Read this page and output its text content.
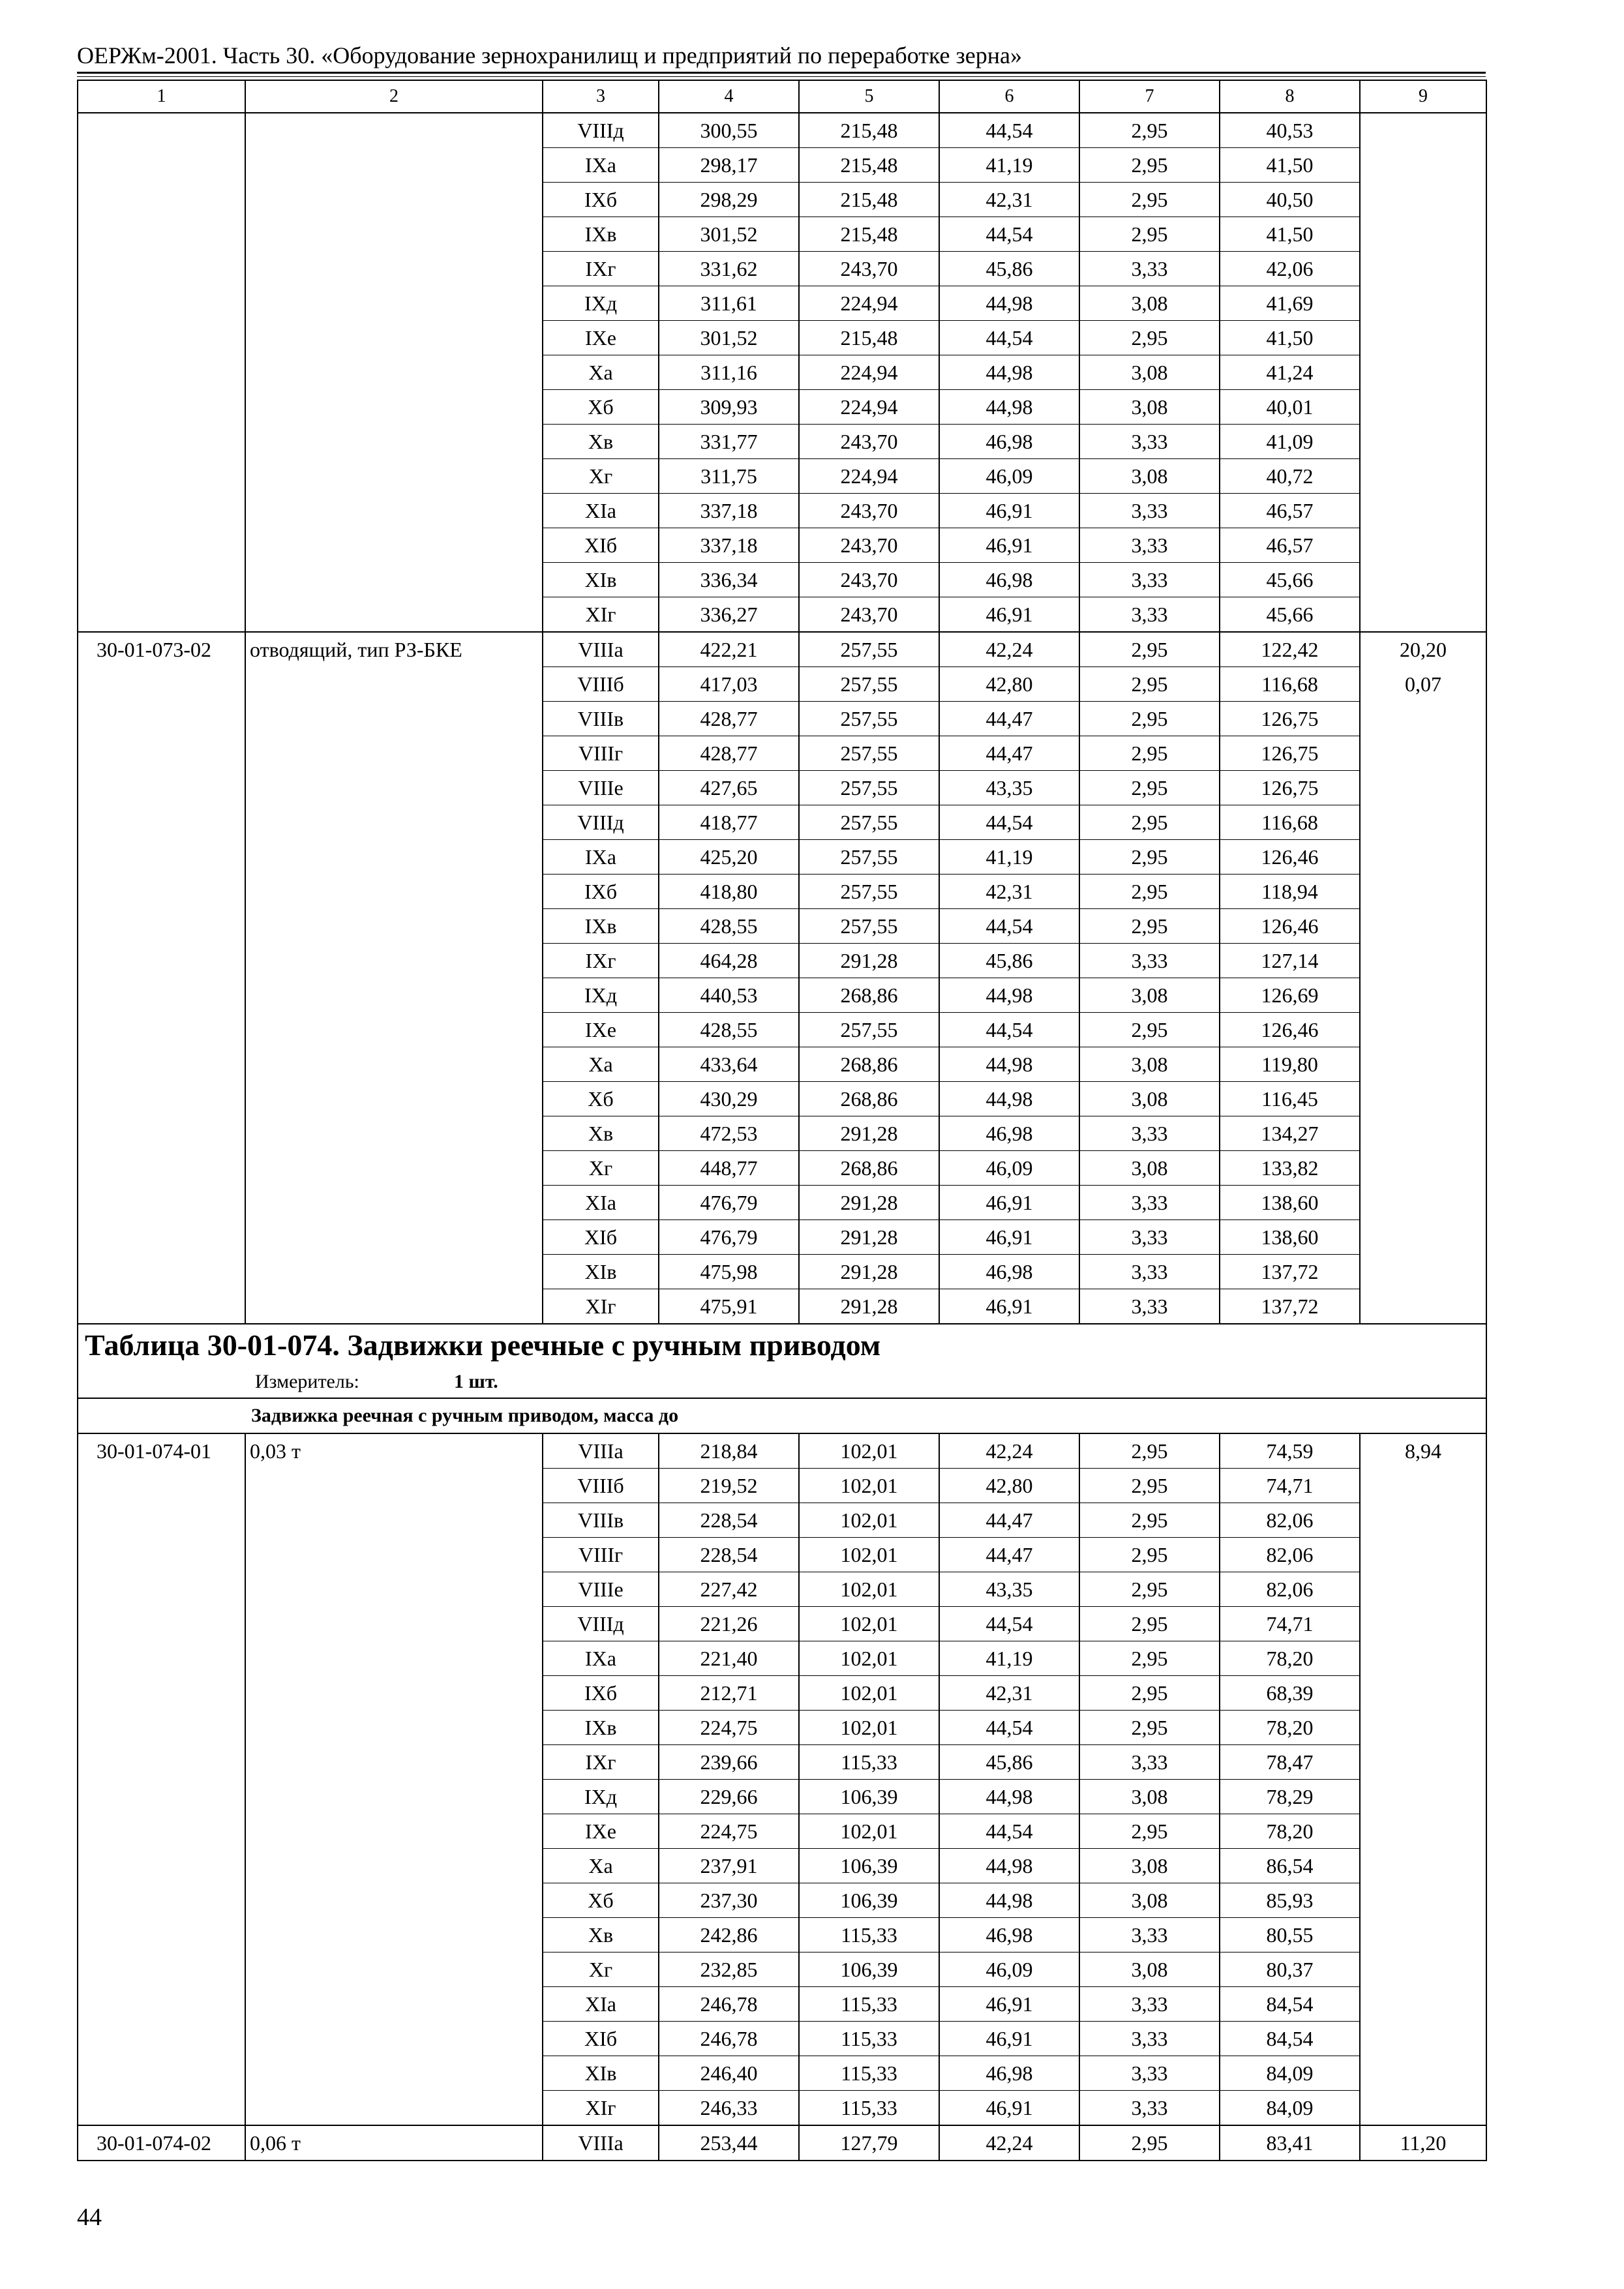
ОЕРЖм-2001. Часть 30. «Оборудование зернохранилищ и предприятий по переработке зерна»
1	2	3	4	5	6	7	8	9
		VIIIд	300,55	215,48	44,54	2,95	40,53	
		IXа	298,17	215,48	41,19	2,95	41,50	
		IXб	298,29	215,48	42,31	2,95	40,50	
		IXв	301,52	215,48	44,54	2,95	41,50	
		IXг	331,62	243,70	45,86	3,33	42,06	
		IXд	311,61	224,94	44,98	3,08	41,69	
		IXе	301,52	215,48	44,54	2,95	41,50	
		Xа	311,16	224,94	44,98	3,08	41,24	
		Xб	309,93	224,94	44,98	3,08	40,01	
		Xв	331,77	243,70	46,98	3,33	41,09	
		Xг	311,75	224,94	46,09	3,08	40,72	
		XIа	337,18	243,70	46,91	3,33	46,57	
		XIб	337,18	243,70	46,91	3,33	46,57	
		XIв	336,34	243,70	46,98	3,33	45,66	
		XIг	336,27	243,70	46,91	3,33	45,66	
30-01-073-02	отводящий, тип РЗ-БКЕ	VIIIа	422,21	257,55	42,24	2,95	122,42	20,20
		VIIIб	417,03	257,55	42,80	2,95	116,68	0,07
		VIIIв	428,77	257,55	44,47	2,95	126,75	
		VIIIг	428,77	257,55	44,47	2,95	126,75	
		VIIIе	427,65	257,55	43,35	2,95	126,75	
		VIIIд	418,77	257,55	44,54	2,95	116,68	
		IXа	425,20	257,55	41,19	2,95	126,46	
		IXб	418,80	257,55	42,31	2,95	118,94	
		IXв	428,55	257,55	44,54	2,95	126,46	
		IXг	464,28	291,28	45,86	3,33	127,14	
		IXд	440,53	268,86	44,98	3,08	126,69	
		IXе	428,55	257,55	44,54	2,95	126,46	
		Xа	433,64	268,86	44,98	3,08	119,80	
		Xб	430,29	268,86	44,98	3,08	116,45	
		Xв	472,53	291,28	46,98	3,33	134,27	
		Xг	448,77	268,86	46,09	3,08	133,82	
		XIа	476,79	291,28	46,91	3,33	138,60	
		XIб	476,79	291,28	46,91	3,33	138,60	
		XIв	475,98	291,28	46,98	3,33	137,72	
		XIг	475,91	291,28	46,91	3,33	137,72	
Таблица 30-01-074. Задвижки реечные с ручным приводом								
Измеритель: 1 шт.								
Задвижка реечная с ручным приводом, масса до								
30-01-074-01	0,03 т	VIIIа	218,84	102,01	42,24	2,95	74,59	8,94
		VIIIб	219,52	102,01	42,80	2,95	74,71	
		VIIIв	228,54	102,01	44,47	2,95	82,06	
		VIIIг	228,54	102,01	44,47	2,95	82,06	
		VIIIе	227,42	102,01	43,35	2,95	82,06	
		VIIIд	221,26	102,01	44,54	2,95	74,71	
		IXа	221,40	102,01	41,19	2,95	78,20	
		IXб	212,71	102,01	42,31	2,95	68,39	
		IXв	224,75	102,01	44,54	2,95	78,20	
		IXг	239,66	115,33	45,86	3,33	78,47	
		IXд	229,66	106,39	44,98	3,08	78,29	
		IXе	224,75	102,01	44,54	2,95	78,20	
		Xа	237,91	106,39	44,98	3,08	86,54	
		Xб	237,30	106,39	44,98	3,08	85,93	
		Xв	242,86	115,33	46,98	3,33	80,55	
		Xг	232,85	106,39	46,09	3,08	80,37	
		XIа	246,78	115,33	46,91	3,33	84,54	
		XIб	246,78	115,33	46,91	3,33	84,54	
		XIв	246,40	115,33	46,98	3,33	84,09	
		XIг	246,33	115,33	46,91	3,33	84,09	
30-01-074-02	0,06 т	VIIIа	253,44	127,79	42,24	2,95	83,41	11,20
44
